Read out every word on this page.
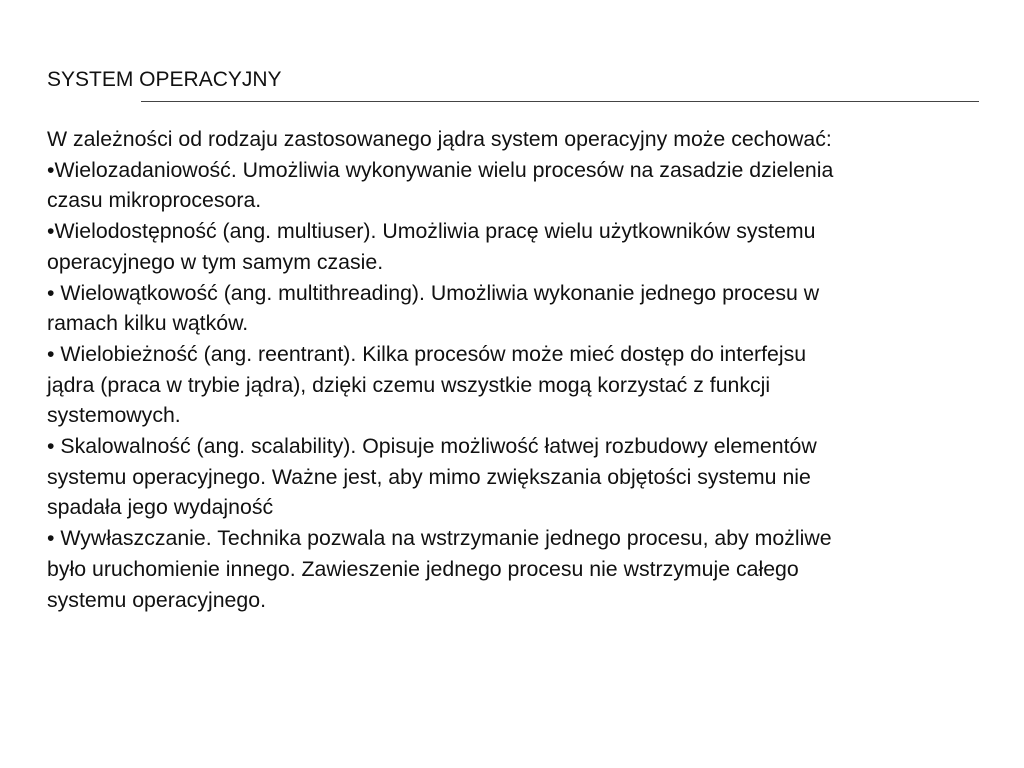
SYSTEM OPERACYJNY
W zależności od rodzaju zastosowanego jądra system operacyjny może cechować:
•Wielozadaniowość. Umożliwia wykonywanie wielu procesów na zasadzie dzielenia
czasu mikroprocesora.
•Wielodostępność (ang. multiuser). Umożliwia pracę wielu użytkowników systemu
operacyjnego w tym samym czasie.
• Wielowątkowość (ang. multithreading). Umożliwia wykonanie jednego procesu w
ramach kilku wątków.
• Wielobieżność (ang. reentrant). Kilka procesów może mieć dostęp do interfejsu
jądra (praca w trybie jądra), dzięki czemu wszystkie mogą korzystać z funkcji
systemowych.
• Skalowalność (ang. scalability). Opisuje możliwość łatwej rozbudowy elementów
systemu operacyjnego. Ważne jest, aby mimo zwiększania objętości systemu nie
spadała jego wydajność
• Wywłaszczanie. Technika pozwala na wstrzymanie jednego procesu, aby możliwe
było uruchomienie innego. Zawieszenie jednego procesu nie wstrzymuje całego
systemu operacyjnego.
